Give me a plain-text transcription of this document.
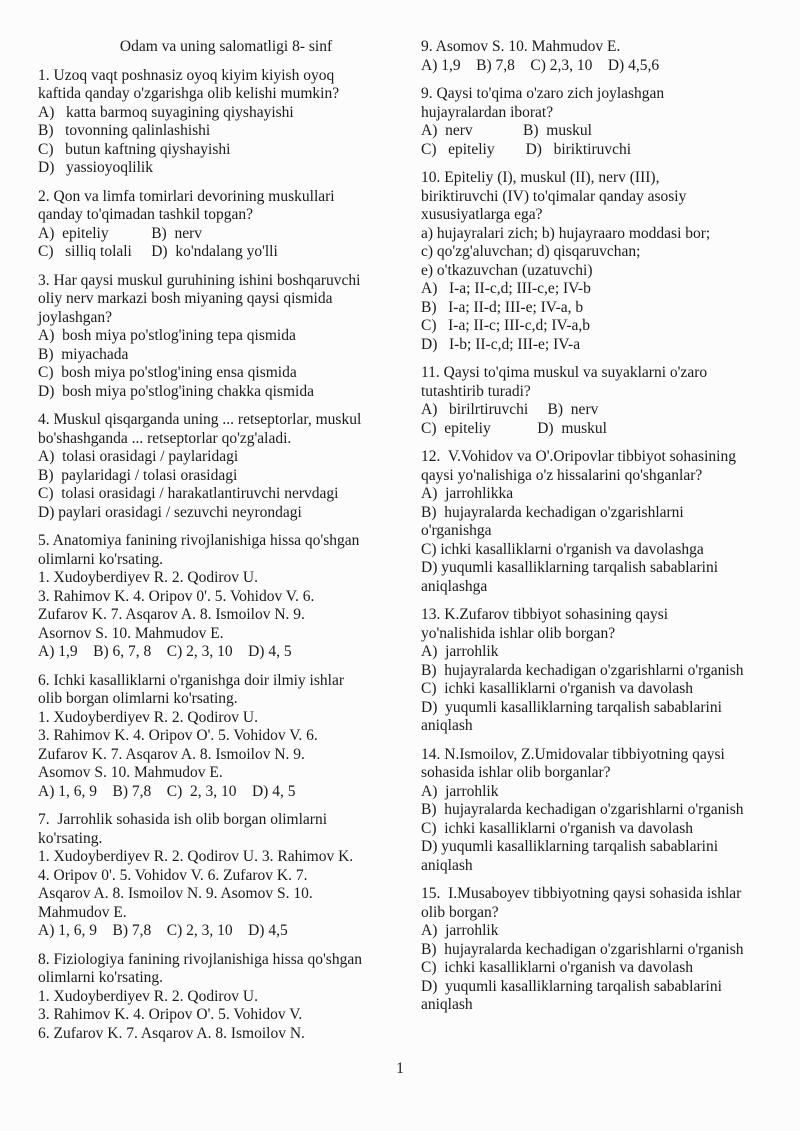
Odam va uning salomatligi 8- sinf
1. Uzoq vaqt poshnasiz oyoq kiyim kiyish oyoq
kaftida qanday o'zgarishga olib kelishi mumkin?
A)   katta barmoq suyagining qiyshayishi
B)   tovonning qalinlashishi
C)   butun kaftning qiyshayishi
D)   yassioyoqlilik
2. Qon va limfa tomirlari devorining muskullari
qanday to'qimadan tashkil topgan?
A)  epiteliy           B)  nerv
C)   silliq tolali     D)  ko'ndalang yo'lli
3. Har qaysi muskul guruhining ishini boshqaruvchi
oliy nerv markazi bosh miyaning qaysi qismida
joylashgan?
A)  bosh miya po'stlog'ining tepa qismida
B)  miyachada
C)  bosh miya po'stlog'ining ensa qismida
D)  bosh miya po'stlog'ining chakka qismida
4. Muskul qisqarganda uning ... retseptorlar, muskul
bo'shashganda ... retseptorlar qo'zg'aladi.
A)  tolasi orasidagi / paylaridagi
B)  paylaridagi / tolasi orasidagi
C)  tolasi orasidagi / harakatlantiruvchi nervdagi
D) paylari orasidagi / sezuvchi neyrondagi
5. Anatomiya fanining rivojlanishiga hissa qo'shgan
olimlarni ko'rsating.
1. Xudoyberdiyev R. 2. Qodirov U.
3. Rahimov K. 4. Oripov 0'. 5. Vohidov V. 6.
Zufarov K. 7. Asqarov A. 8. Ismoilov N. 9.
Asornov S. 10. Mahmudov E.
A) 1,9    B) 6, 7, 8    C) 2, 3, 10    D) 4, 5
6. Ichki kasalliklarni o'rganishga doir ilmiy ishlar
olib borgan olimlarni ko'rsating.
1. Xudoyberdiyev R. 2. Qodirov U.
3. Rahimov K. 4. Oripov O'. 5. Vohidov V. 6.
Zufarov K. 7. Asqarov A. 8. Ismoilov N. 9.
Asomov S. 10. Mahmudov E.
A) 1, 6, 9    B) 7,8    C)  2, 3, 10    D) 4, 5
7.  Jarrohlik sohasida ish olib borgan olimlarni
ko'rsating.
1. Xudoyberdiyev R. 2. Qodirov U. 3. Rahimov K.
4. Oripov 0'. 5. Vohidov V. 6. Zufarov K. 7.
Asqarov A. 8. Ismoilov N. 9. Asomov S. 10.
Mahmudov E.
A) 1, 6, 9    B) 7,8    C) 2, 3, 10    D) 4,5
8. Fiziologiya fanining rivojlanishiga hissa qo'shgan
olimlarni ko'rsating.
1. Xudoyberdiyev R. 2. Qodirov U.
3. Rahimov K. 4. Oripov O'. 5. Vohidov V.
6. Zufarov K. 7. Asqarov A. 8. Ismoilov N.
9. Asomov S. 10. Mahmudov E.
A) 1,9    B) 7,8    C) 2,3, 10    D) 4,5,6
9. Qaysi to'qima o'zaro zich joylashgan
hujayralardan iborat?
A)  nerv             B)  muskul
C)   epiteliy        D)   biriktiruvchi
10. Epiteliy (I), muskul (II), nerv (III),
biriktiruvchi (IV) to'qimalar qanday asosiy
xususiyatlarga ega?
a) hujayralari zich; b) hujayraaro moddasi bor;
c) qo'zg'aluvchan; d) qisqaruvchan;
e) o'tkazuvchan (uzatuvchi)
A)   I-a; II-c,d; III-c,e; IV-b
B)   I-a; II-d; III-e; IV-a, b
C)   I-a; II-c; III-c,d; IV-a,b
D)   I-b; II-c,d; III-e; IV-a
11. Qaysi to'qima muskul va suyaklarni o'zaro
tutashtirib turadi?
A)   birilrtiruvchi     B)  nerv
C)  epiteliy            D)  muskul
12.  V.Vohidov va O'.Oripovlar tibbiyot sohasining
qaysi yo'nalishiga o'z hissalarini qo'shganlar?
A)  jarrohlikka
B)  hujayralarda kechadigan o'zgarishlarni
o'rganishga
C) ichki kasalliklarni o'rganish va davolashga
D) yuqumli kasalliklarning tarqalish sabablarini
aniqlashga
13. K.Zufarov tibbiyot sohasining qaysi
yo'nalishida ishlar olib borgan?
A)  jarrohlik
B)  hujayralarda kechadigan o'zgarishlarni o'rganish
C)  ichki kasalliklarni o'rganish va davolash
D)  yuqumli kasalliklarning tarqalish sabablarini
aniqlash
14. N.Ismoilov, Z.Umidovalar tibbiyotning qaysi
sohasida ishlar olib borganlar?
A)  jarrohlik
B)  hujayralarda kechadigan o'zgarishlarni o'rganish
C)  ichki kasalliklarni o'rganish va davolash
D) yuqumli kasalliklarning tarqalish sabablarini
aniqlash
15.  I.Musaboyev tibbiyotning qaysi sohasida ishlar
olib borgan?
A)  jarrohlik
B)  hujayralarda kechadigan o'zgarishlarni o'rganish
C)  ichki kasalliklarni o'rganish va davolash
D)  yuqumli kasalliklarning tarqalish sabablarini
aniqlash
1
